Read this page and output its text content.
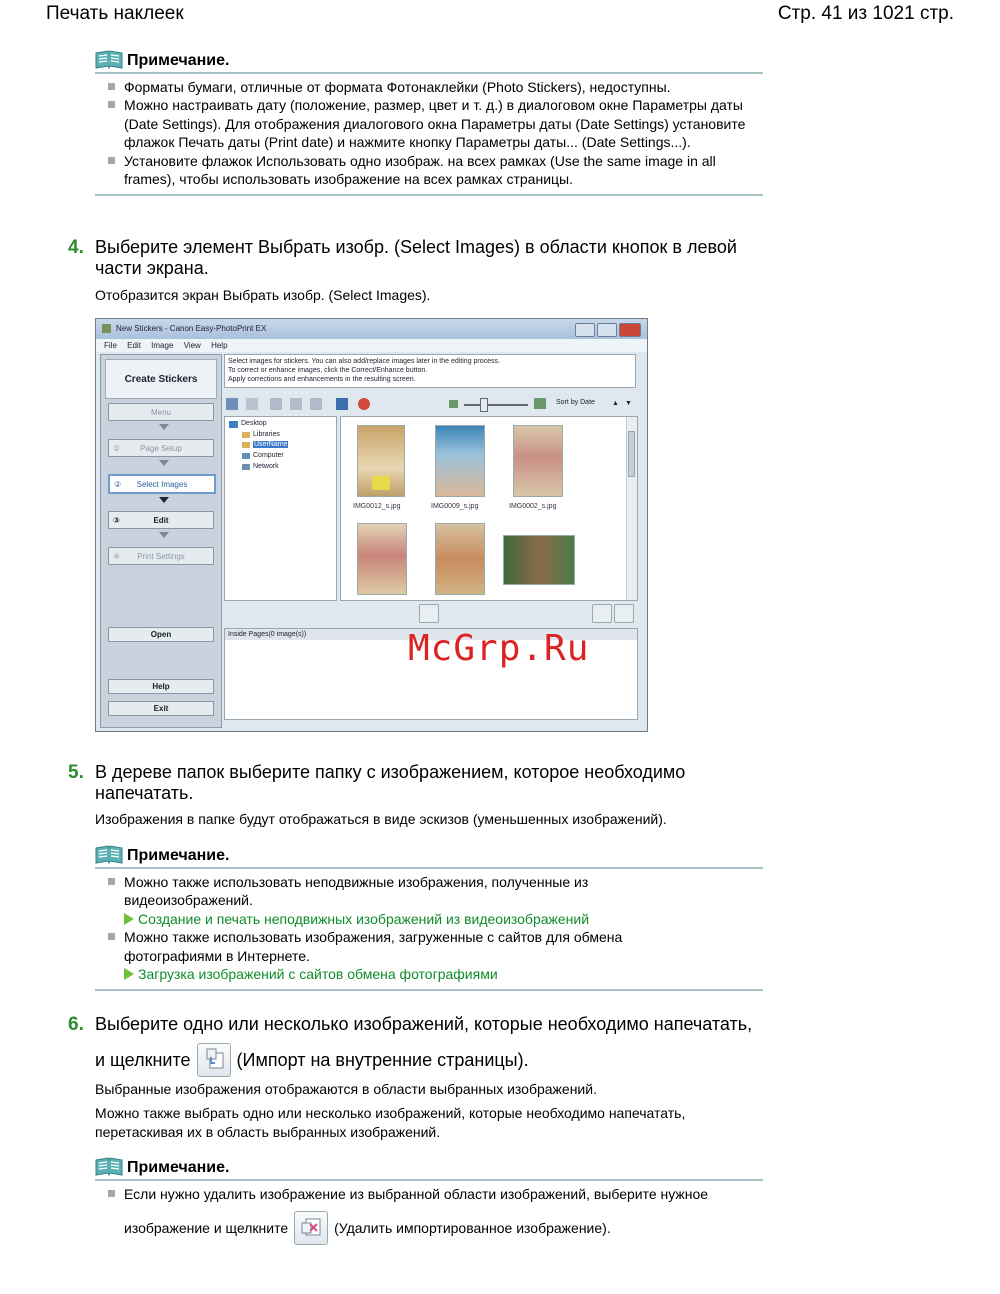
Печать наклеек	Стр. 41 из 1021 стр.
Примечание.
Форматы бумаги, отличные от формата Фотонаклейки (Photo Stickers), недоступны.
Можно настраивать дату (положение, размер, цвет и т. д.) в диалоговом окне Параметры даты (Date Settings). Для отображения диалогового окна Параметры даты (Date Settings) установите флажок Печать даты (Print date) и нажмите кнопку Параметры даты... (Date Settings...).
Установите флажок Использовать одно изображ. на всех рамках (Use the same image in all frames), чтобы использовать изображение на всех рамках страницы.
4. Выберите элемент Выбрать изобр. (Select Images) в области кнопок в левой части экрана.
Отобразится экран Выбрать изобр. (Select Images).
New Stickers - Canon Easy-PhotoPrint EX
File Edit Image View Help
Create Stickers
Menu
① Page Setup
② Select Images
③	Edit
④ Print Settings
Open
Help
Exit
Select images for stickers. You can also add/replace images later in the editing process.
To correct or enhance images, click the Correct/Enhance button.
Apply corrections and enhancements in the resulting screen.
Sort by Date ▲ ▼
Desktop
Libraries
UserName
Computer
Network
IMG0012_s.jpg	IMG0009_s.jpg	IMG0002_s.jpg
Inside Pages(0 image(s))	McGrp.Ru
5. В дереве папок выберите папку с изображением, которое необходимо напечатать.
Изображения в папке будут отображаться в виде эскизов (уменьшенных изображений).
Примечание.
Можно также использовать неподвижные изображения, полученные из видеоизображений.
Создание и печать неподвижных изображений из видеоизображений
Можно также использовать изображения, загруженные с сайтов для обмена фотографиями в Интернете.
Загрузка изображений с сайтов обмена фотографиями
6. Выберите одно или несколько изображений, которые необходимо напечатать,
и щелкните	(Импорт на внутренние страницы).
Выбранные изображения отображаются в области выбранных изображений.
Можно также выбрать одно или несколько изображений, которые необходимо напечатать, перетаскивая их в область выбранных изображений.
Примечание.
Если нужно удалить изображение из выбранной области изображений, выберите нужное
изображение и щелкните	(Удалить импортированное изображение).
